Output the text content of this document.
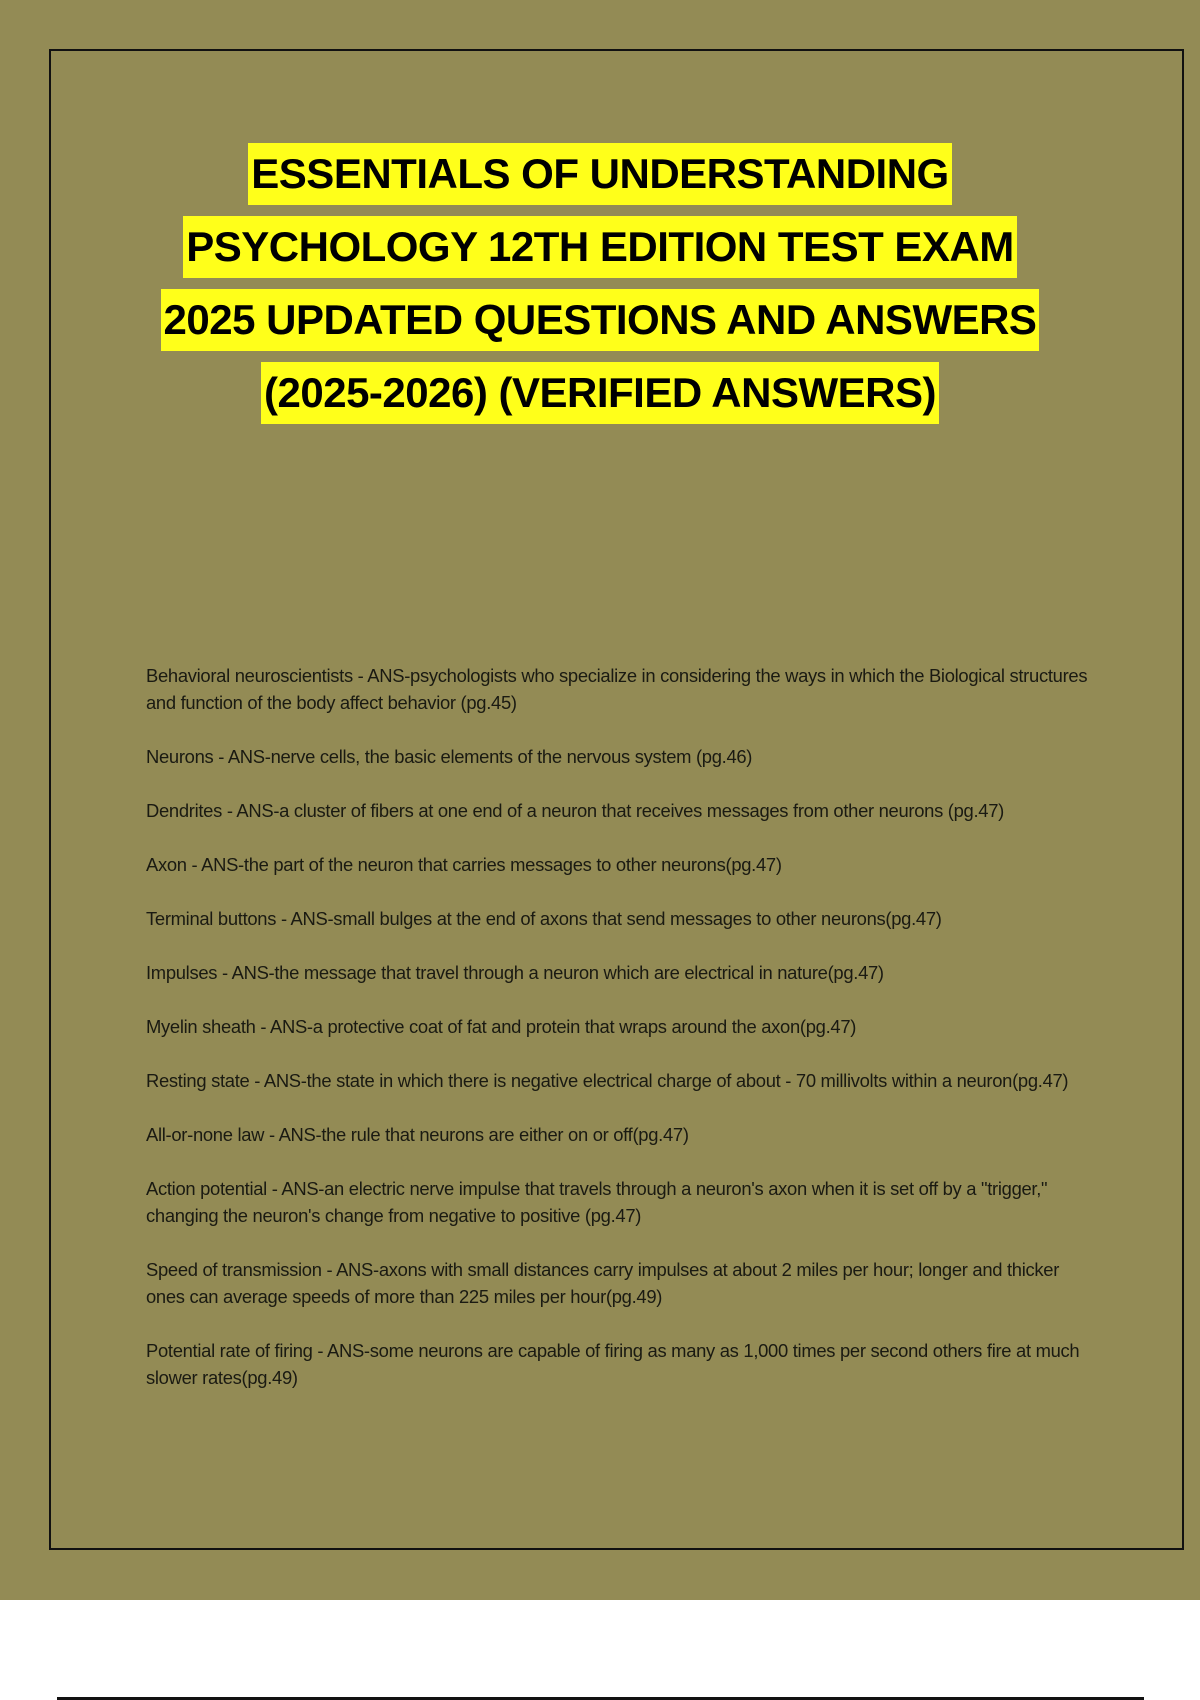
ESSENTIALS OF UNDERSTANDING
PSYCHOLOGY 12TH EDITION TEST EXAM
2025 UPDATED QUESTIONS AND ANSWERS
(2025-2026) (VERIFIED ANSWERS)

Behavioral neuroscientists - ANS-psychologists who specialize in considering the ways in which the Biological structures and function of the body affect behavior (pg.45)

Neurons - ANS-nerve cells, the basic elements of the nervous system (pg.46)

Dendrites - ANS-a cluster of fibers at one end of a neuron that receives messages from other neurons (pg.47)

Axon - ANS-the part of the neuron that carries messages to other neurons(pg.47)

Terminal buttons - ANS-small bulges at the end of axons that send messages to other neurons(pg.47)

Impulses - ANS-the message that travel through a neuron which are electrical in nature(pg.47)

Myelin sheath - ANS-a protective coat of fat and protein that wraps around the axon(pg.47)

Resting state - ANS-the state in which there is negative electrical charge of about - 70 millivolts within a neuron(pg.47)

All-or-none law - ANS-the rule that neurons are either on or off(pg.47)

Action potential - ANS-an electric nerve impulse that travels through a neuron's axon when it is set off by a "trigger," changing the neuron's change from negative to positive (pg.47)

Speed of transmission - ANS-axons with small distances carry impulses at about 2 miles per hour; longer and thicker ones can average speeds of more than 225 miles per hour(pg.49)

Potential rate of firing - ANS-some neurons are capable of firing as many as 1,000 times per second others fire at much slower rates(pg.49)
